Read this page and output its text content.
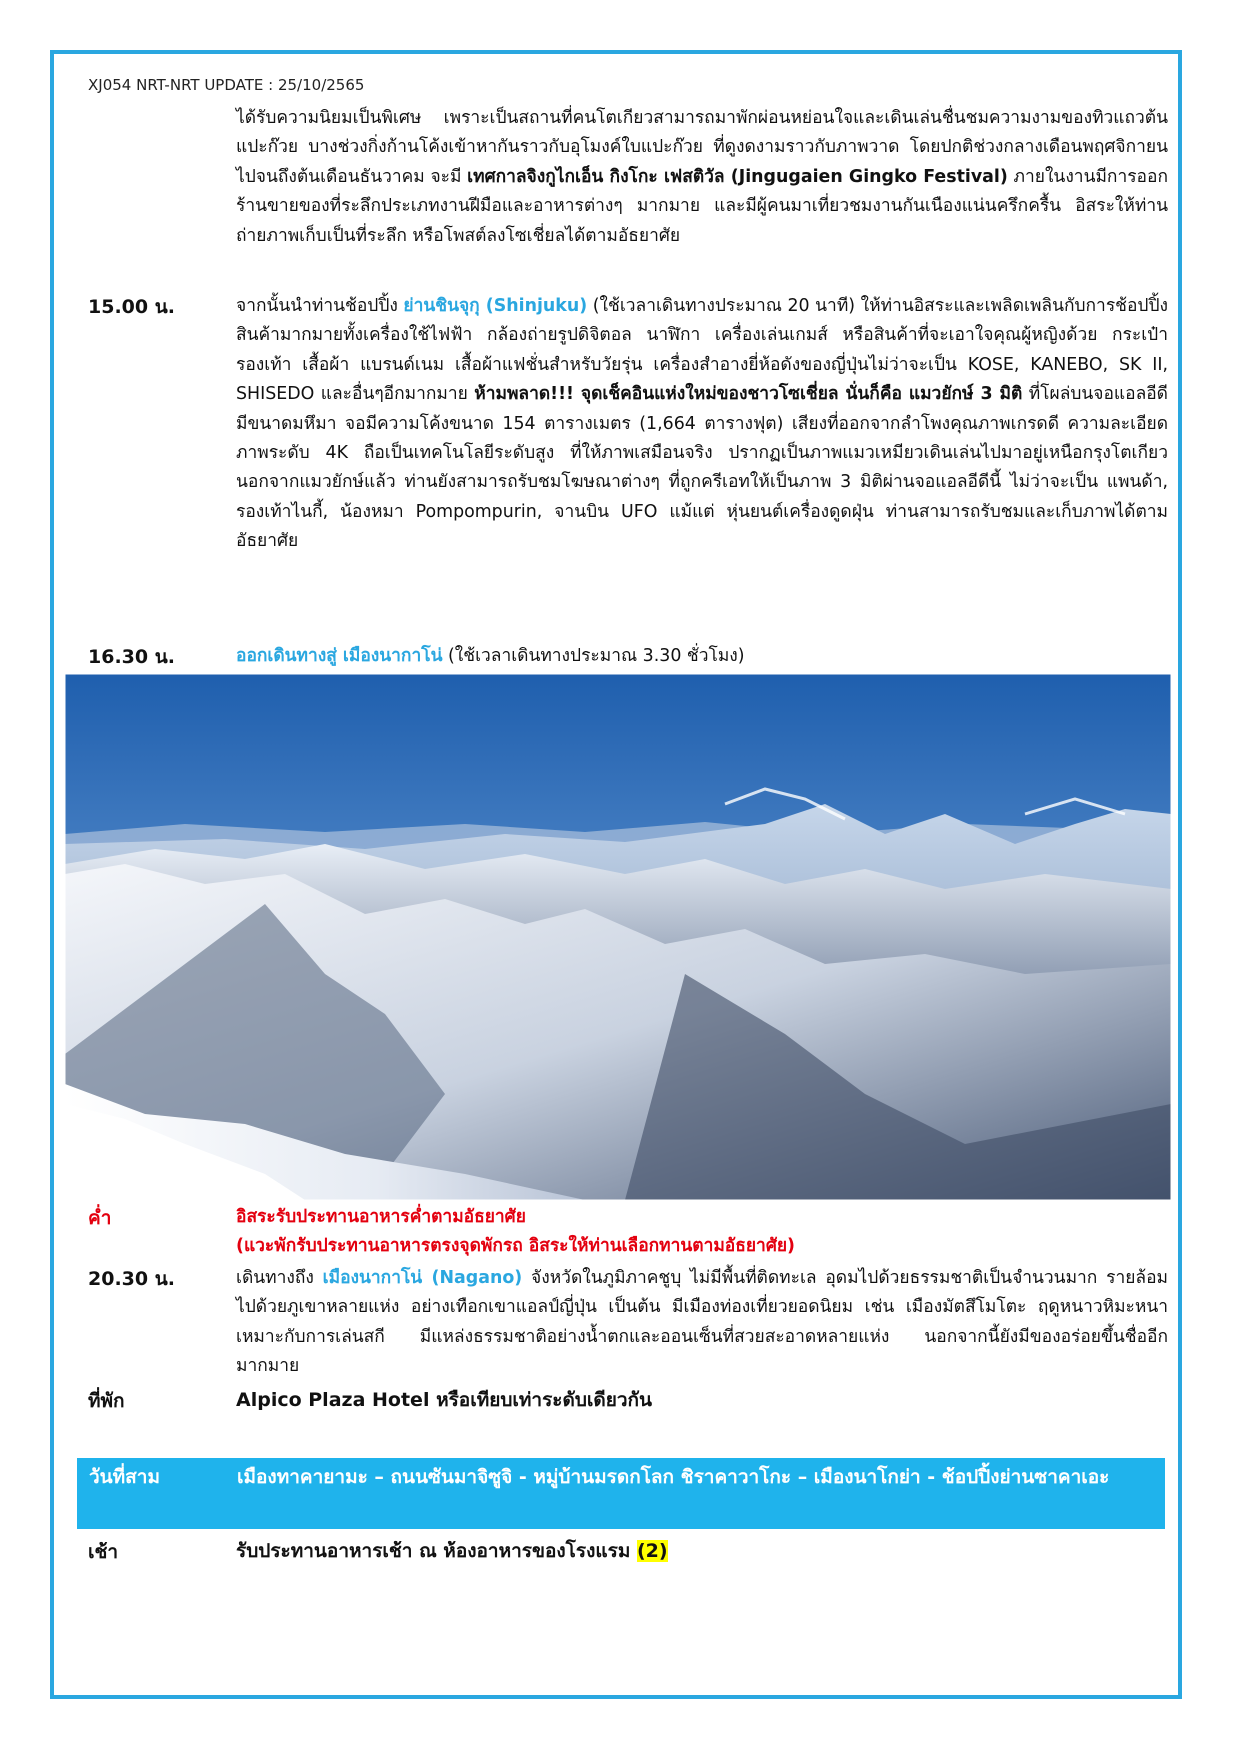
XJ054 NRT-NRT UPDATE : 25/10/2565
ได้รับความนิยมเป็นพิเศษ เพราะเป็นสถานที่คนโตเกียวสามารถมาพักผ่อนหย่อนใจและเดินเล่นชื่นชมความงามของทิวแถวต้นแปะก๊วย บางช่วงกิ่งก้านโค้งเข้าหากันราวกับอุโมงค์ใบแปะก๊วย ที่ดูงดงามราวกับภาพวาด โดยปกติช่วงกลางเดือนพฤศจิกายนไปจนถึงต้นเดือนธันวาคม จะมี เทศกาลจิงกูไกเอ็น กิงโกะ เฟสติวัล (Jingugaien Gingko Festival) ภายในงานมีการออกร้านขายของที่ระลึกประเภทงานฝีมือและอาหารต่างๆ มากมาย และมีผู้คนมาเที่ยวชมงานกันเนืองแน่นครึกครื้น อิสระให้ท่านถ่ายภาพเก็บเป็นที่ระลึก หรือโพสต์ลงโซเชี่ยลได้ตามอัธยาศัย
15.00 น.	จากนั้นนำท่านช้อปปิ้ง ย่านชินจุกุ (Shinjuku) (ใช้เวลาเดินทางประมาณ 20 นาที) ให้ท่านอิสระและเพลิดเพลินกับการช้อปปิ้งสินค้ามากมายทั้งเครื่องใช้ไฟฟ้า กล้องถ่ายรูปดิจิตอล นาฬิกา เครื่องเล่นเกมส์ หรือสินค้าที่จะเอาใจคุณผู้หญิงด้วย กระเป๋า รองเท้า เสื้อผ้า แบรนด์เนม เสื้อผ้าแฟชั่นสำหรับวัยรุ่น เครื่องสำอางยี่ห้อดังของญี่ปุ่นไม่ว่าจะเป็น KOSE, KANEBO, SK II, SHISEDO และอื่นๆอีกมากมาย ห้ามพลาด!!! จุดเช็คอินแห่งใหม่ของชาวโซเชี่ยล นั่นก็คือ แมวยักษ์ 3 มิติ ที่โผล่บนจอแอลอีดีมีขนาดมหึมา จอมีความโค้งขนาด 154 ตารางเมตร (1,664 ตารางฟุต) เสียงที่ออกจากลำโพงคุณภาพเกรดดี ความละเอียดภาพระดับ 4K ถือเป็นเทคโนโลยีระดับสูง ที่ให้ภาพเสมือนจริง ปรากฏเป็นภาพแมวเหมียวเดินเล่นไปมาอยู่เหนือกรุงโตเกียว นอกจากแมวยักษ์แล้ว ท่านยังสามารถรับชมโฆษณาต่างๆ ที่ถูกครีเอทให้เป็นภาพ 3 มิติผ่านจอแอลอีดีนี้ ไม่ว่าจะเป็น แพนด้า, รองเท้าไนกี้, น้องหมา Pompompurin, จานบิน UFO แม้แต่ หุ่นยนต์เครื่องดูดฝุ่น ท่านสามารถรับชมและเก็บภาพได้ตามอัธยาศัย
16.30 น.	ออกเดินทางสู่ เมืองนากาโน่ (ใช้เวลาเดินทางประมาณ 3.30 ชั่วโมง)
ค่ำ	อิสระรับประทานอาหารค่ำตามอัธยาศัย
(แวะพักรับประทานอาหารตรงจุดพักรถ อิสระให้ท่านเลือกทานตามอัธยาศัย)
20.30 น.	เดินทางถึง เมืองนากาโน่ (Nagano) จังหวัดในภูมิภาคชูบุ ไม่มีพื้นที่ติดทะเล อุดมไปด้วยธรรมชาติเป็นจำนวนมาก รายล้อมไปด้วยภูเขาหลายแห่ง อย่างเทือกเขาแอลป์ญี่ปุ่น เป็นต้น มีเมืองท่องเที่ยวยอดนิยม เช่น เมืองมัตสึโมโตะ ฤดูหนาวหิมะหนาเหมาะกับการเล่นสกี มีแหล่งธรรมชาติอย่างน้ำตกและออนเซ็นที่สวยสะอาดหลายแห่ง นอกจากนี้ยังมีของอร่อยขึ้นชื่ออีกมากมาย
ที่พัก	Alpico Plaza Hotel หรือเทียบเท่าระดับเดียวกัน
วันที่สาม	เมืองทาคายามะ – ถนนซันมาจิซูจิ - หมู่บ้านมรดกโลก ชิราคาวาโกะ – เมืองนาโกย่า - ช้อปปิ้งย่านซาคาเอะ
เช้า	รับประทานอาหารเช้า ณ ห้องอาหารของโรงแรม (2)
